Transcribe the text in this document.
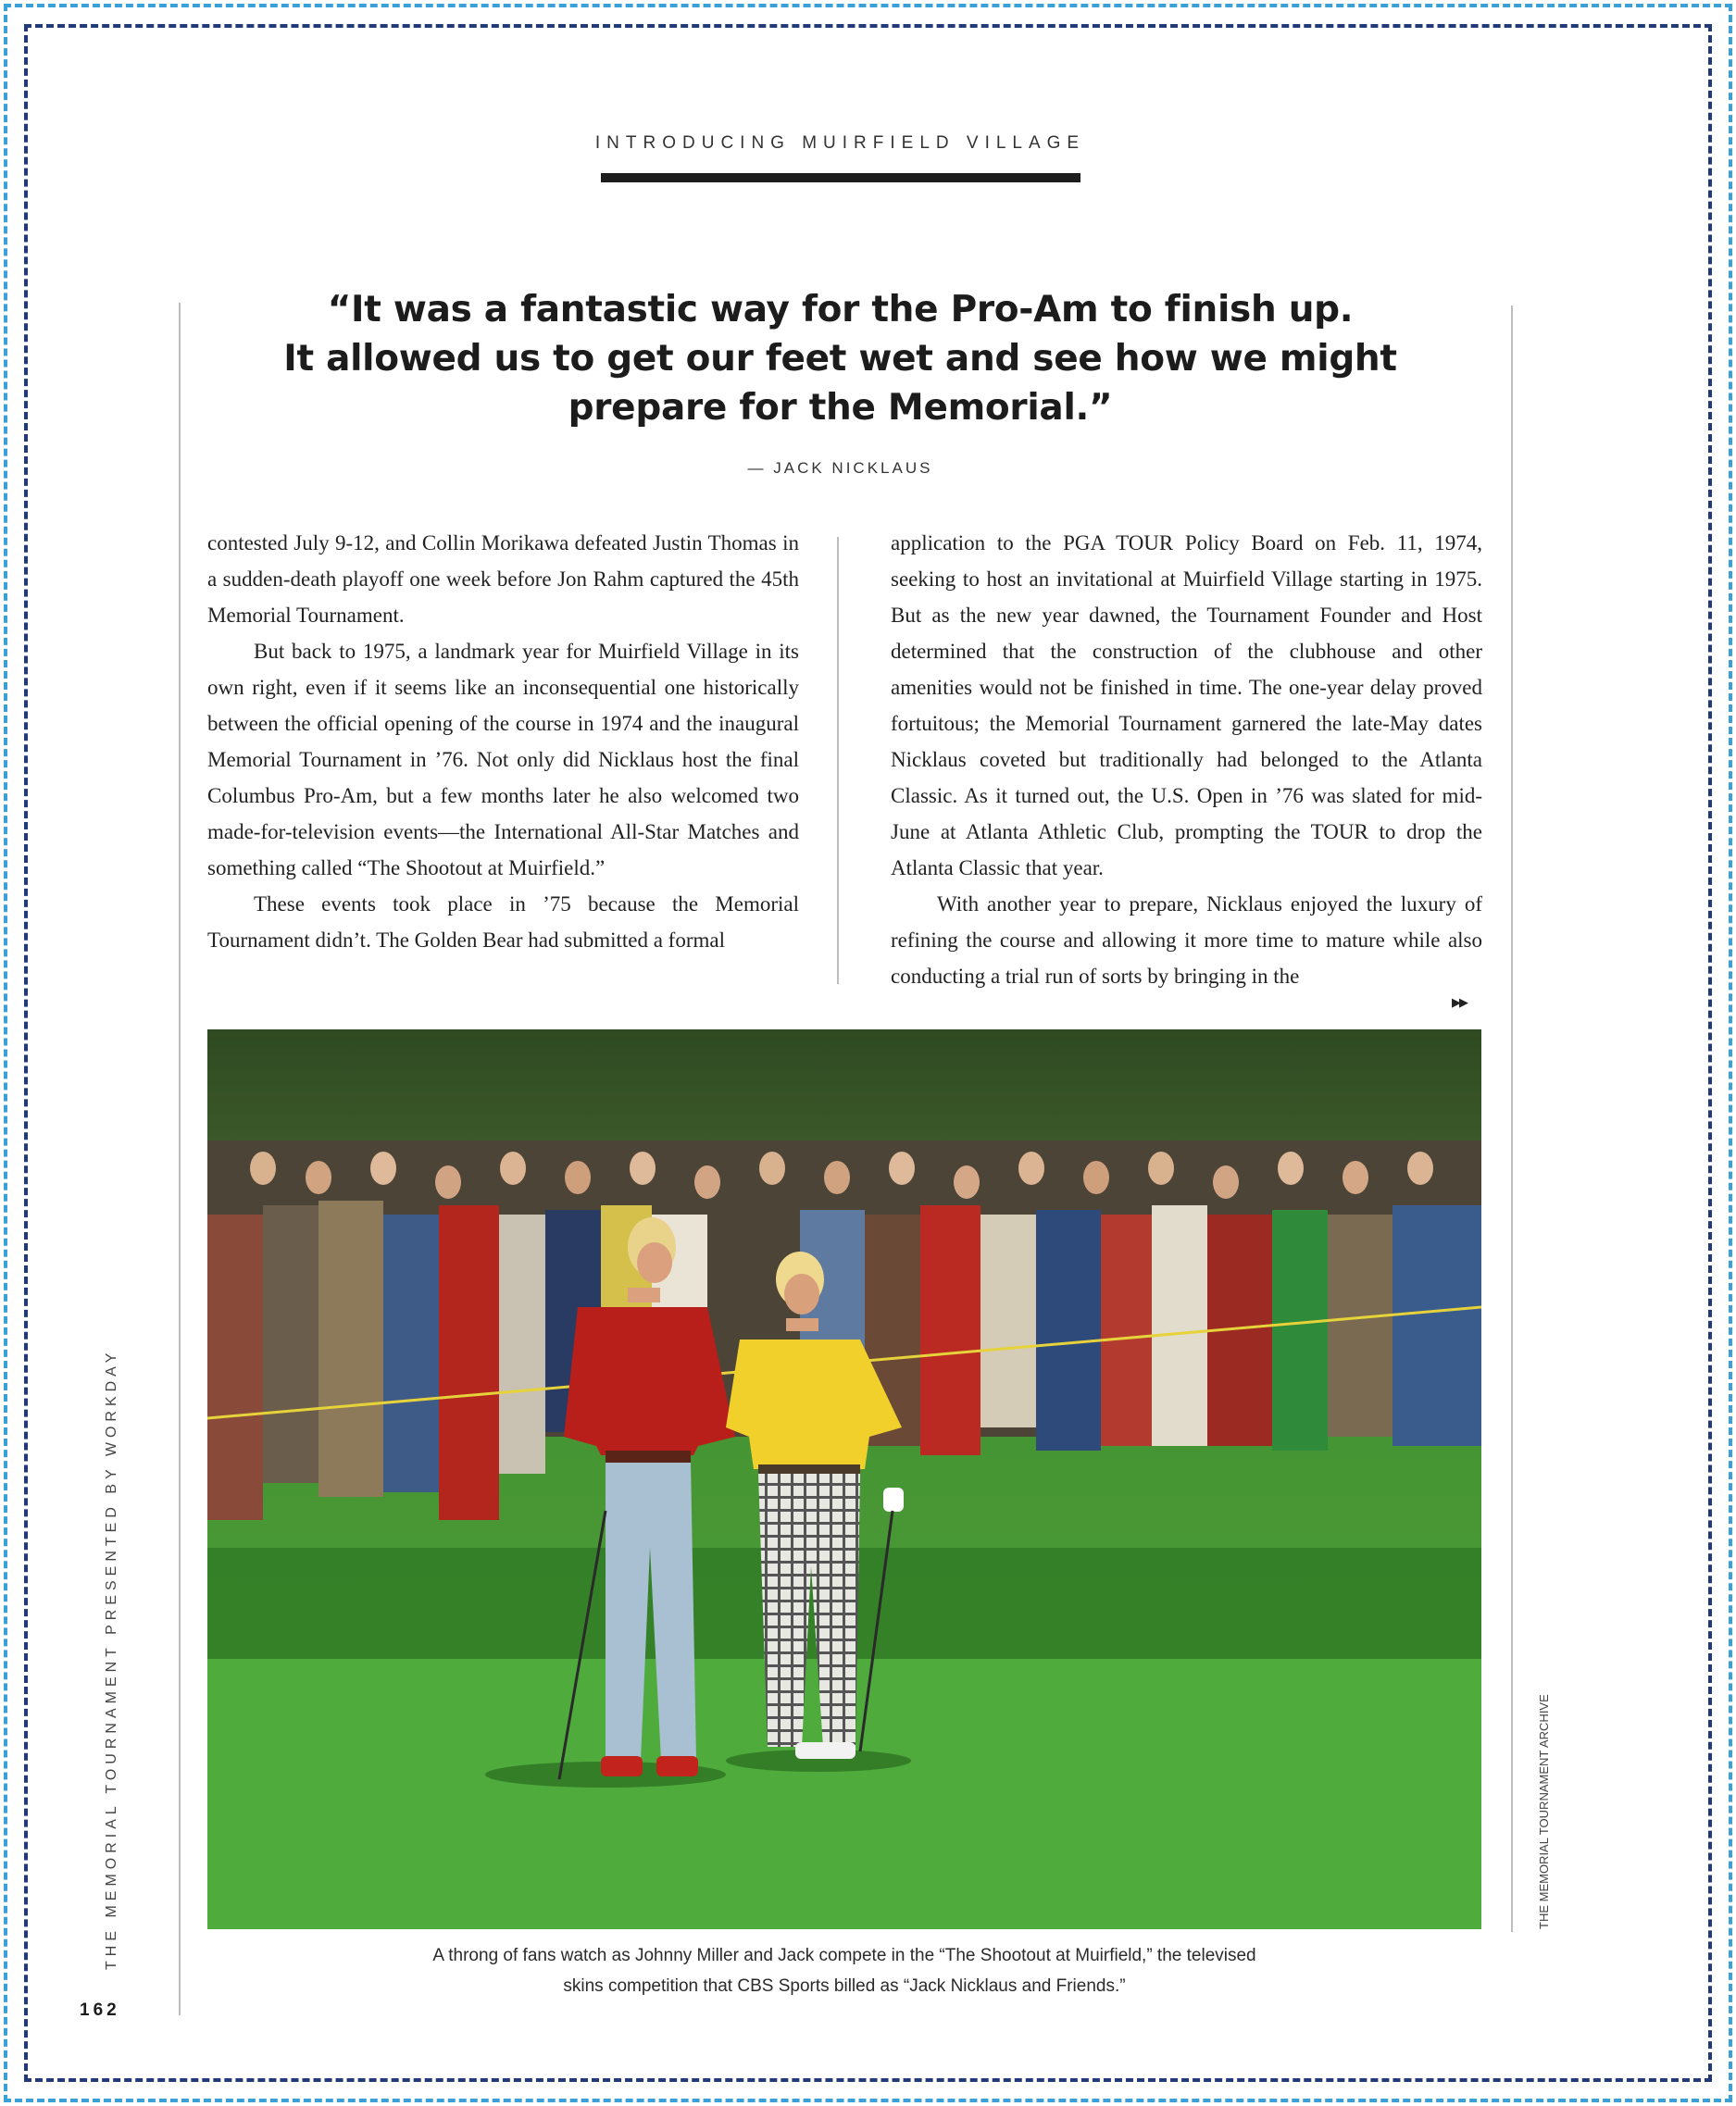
INTRODUCING MUIRFIELD VILLAGE
“It was a fantastic way for the Pro-Am to finish up.
It allowed us to get our feet wet and see how we might
prepare for the Memorial.”
— JACK NICKLAUS

contested July 9-12, and Collin Morikawa defeated Justin Thomas in a sudden-death playoff one week before Jon Rahm captured the 45th Memorial Tournament.

But back to 1975, a landmark year for Muirfield Village in its own right, even if it seems like an inconsequential one historically between the official opening of the course in 1974 and the inaugural Memorial Tournament in ’76. Not only did Nicklaus host the final Columbus Pro-Am, but a few months later he also welcomed two made-for-television events—the International All-Star Matches and something called “The Shootout at Muirfield.”

These events took place in ’75 because the Memorial Tournament didn’t. The Golden Bear had submitted a formal

application to the PGA TOUR Policy Board on Feb. 11, 1974, seeking to host an invitational at Muirfield Village starting in 1975. But as the new year dawned, the Tournament Founder and Host determined that the construction of the clubhouse and other amenities would not be finished in time. The one-year delay proved fortuitous; the Memorial Tournament garnered the late-May dates Nicklaus coveted but traditionally had belonged to the Atlanta Classic. As it turned out, the U.S. Open in ’76 was slated for mid-June at Atlanta Athletic Club, prompting the TOUR to drop the Atlanta Classic that year.

With another year to prepare, Nicklaus enjoyed the luxury of refining the course and allowing it more time to mature while also conducting a trial run of sorts by bringing in the

▶▶
A throng of fans watch as Johnny Miller and Jack compete in the “The Shootout at Muirfield,” the televised
skins competition that CBS Sports billed as “Jack Nicklaus and Friends.”
THE MEMORIAL TOURNAMENT PRESENTED BY WORKDAY	THE MEMORIAL TOURNAMENT ARCHIVE
162
